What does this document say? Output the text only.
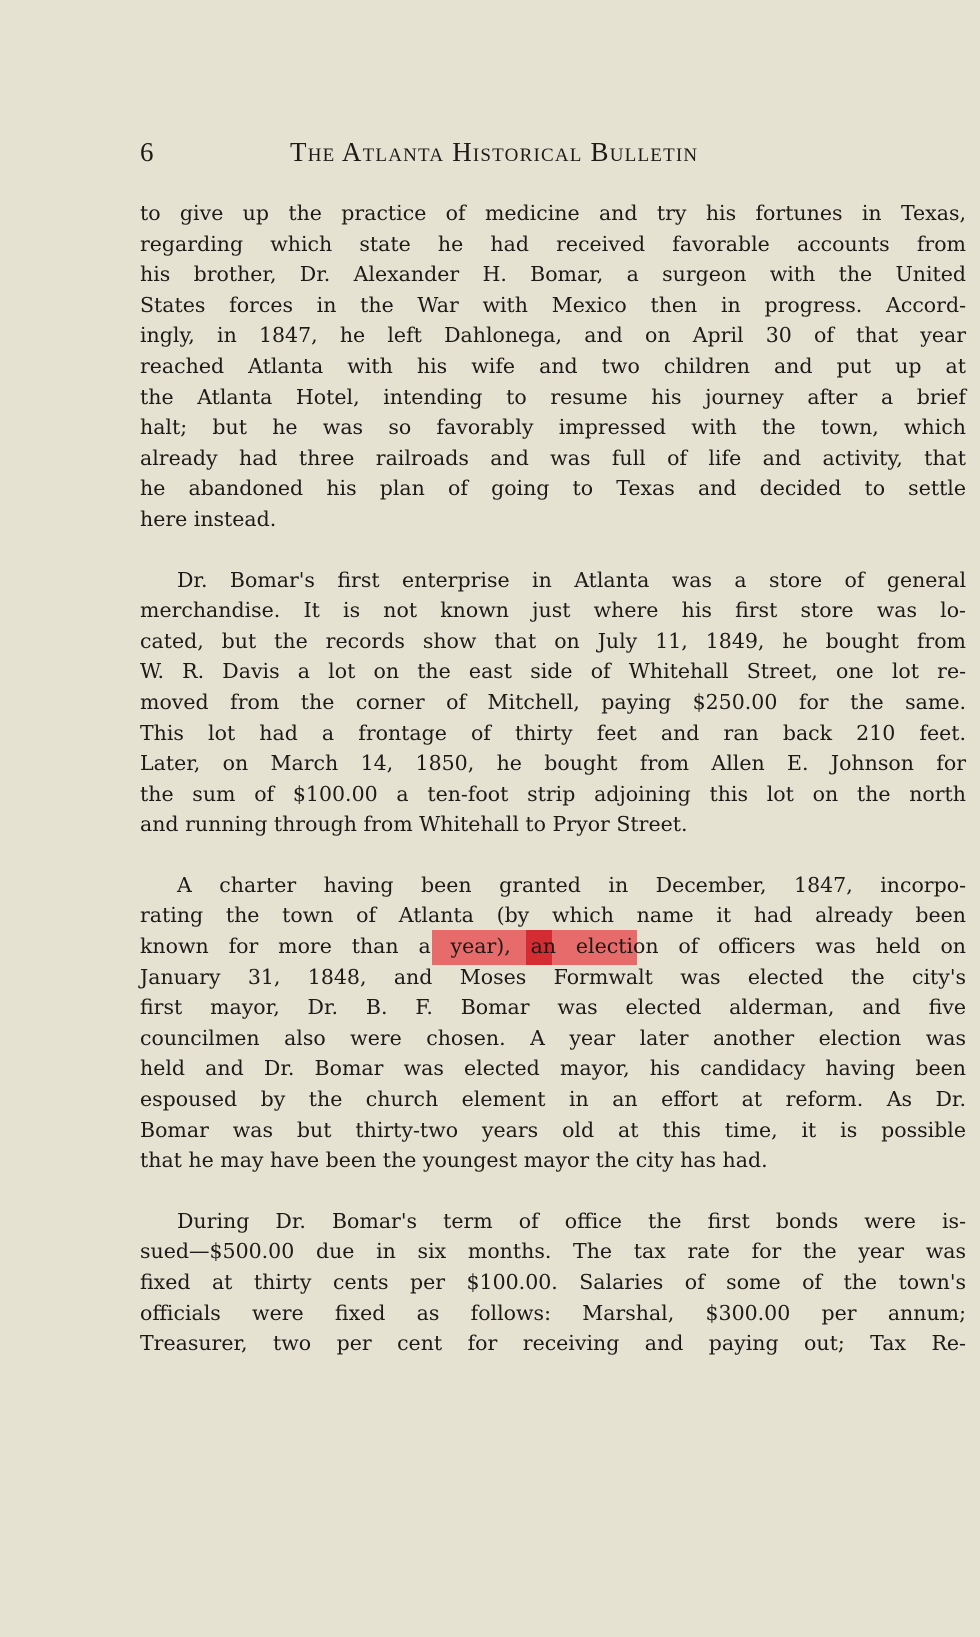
6	The Atlanta Historical Bulletin
to give up the practice of medicine and try his fortunes in Texas,
regarding which state he had received favorable accounts from
his brother, Dr. Alexander H. Bomar, a surgeon with the United
States forces in the War with Mexico then in progress. Accord-
ingly, in 1847, he left Dahlonega, and on April 30 of that year
reached Atlanta with his wife and two children and put up at
the Atlanta Hotel, intending to resume his journey after a brief
halt; but he was so favorably impressed with the town, which
already had three railroads and was full of life and activity, that
he abandoned his plan of going to Texas and decided to settle
here instead.
Dr. Bomar's first enterprise in Atlanta was a store of general
merchandise. It is not known just where his first store was lo-
cated, but the records show that on July 11, 1849, he bought from
W. R. Davis a lot on the east side of Whitehall Street, one lot re-
moved from the corner of Mitchell, paying $250.00 for the same.
This lot had a frontage of thirty feet and ran back 210 feet.
Later, on March 14, 1850, he bought from Allen E. Johnson for
the sum of $100.00 a ten-foot strip adjoining this lot on the north
and running through from Whitehall to Pryor Street.
A charter having been granted in December, 1847, incorpo-
rating the town of Atlanta (by which name it had already been
known for more than a year), an election of officers was held on
January 31, 1848, and Moses Formwalt was elected the city's
first mayor, Dr. B. F. Bomar was elected alderman, and five
councilmen also were chosen. A year later another election was
held and Dr. Bomar was elected mayor, his candidacy having been
espoused by the church element in an effort at reform. As Dr.
Bomar was but thirty-two years old at this time, it is possible
that he may have been the youngest mayor the city has had.
During Dr. Bomar's term of office the first bonds were is-
sued—$500.00 due in six months. The tax rate for the year was
fixed at thirty cents per $100.00. Salaries of some of the town's
officials were fixed as follows: Marshal, $300.00 per annum;
Treasurer, two per cent for receiving and paying out; Tax Re-
